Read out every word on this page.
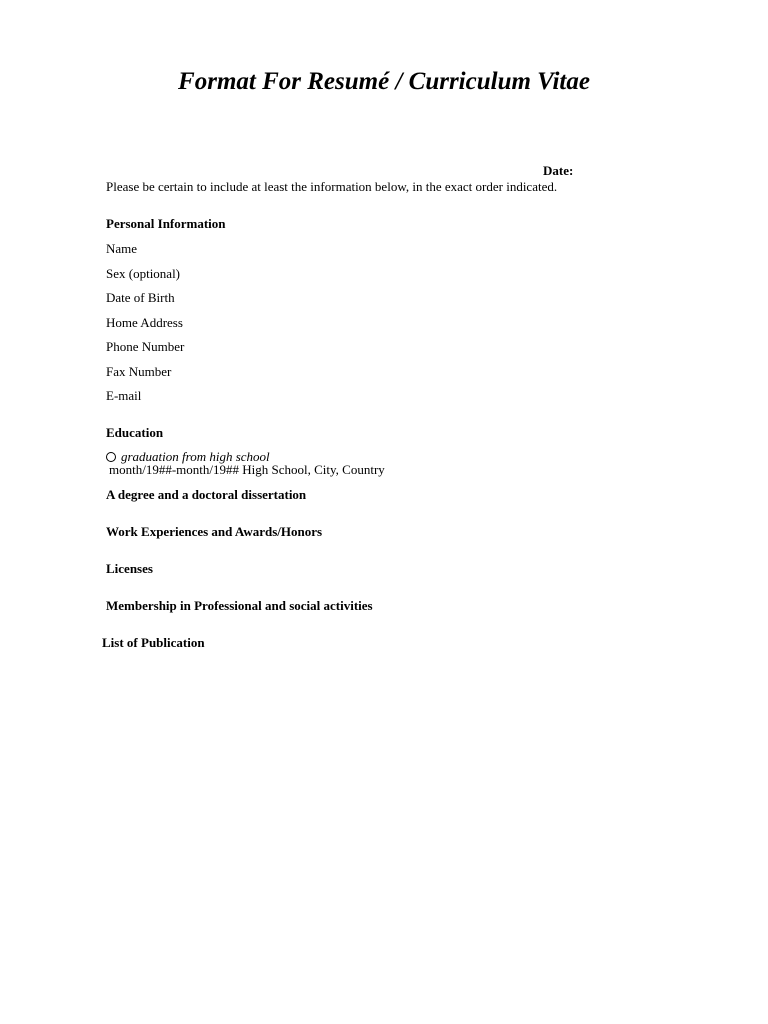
Format For Resumé / Curriculum Vitae
Date:
Please be certain to include at least the information below, in the exact order indicated.
Personal Information
Name
Sex (optional)
Date of Birth
Home Address
Phone Number
Fax Number
E-mail
Education
graduation from high school
month/19##-month/19## High School, City, Country
A degree and a doctoral dissertation
Work Experiences and Awards/Honors
Licenses
Membership in Professional and social activities
List of Publication
